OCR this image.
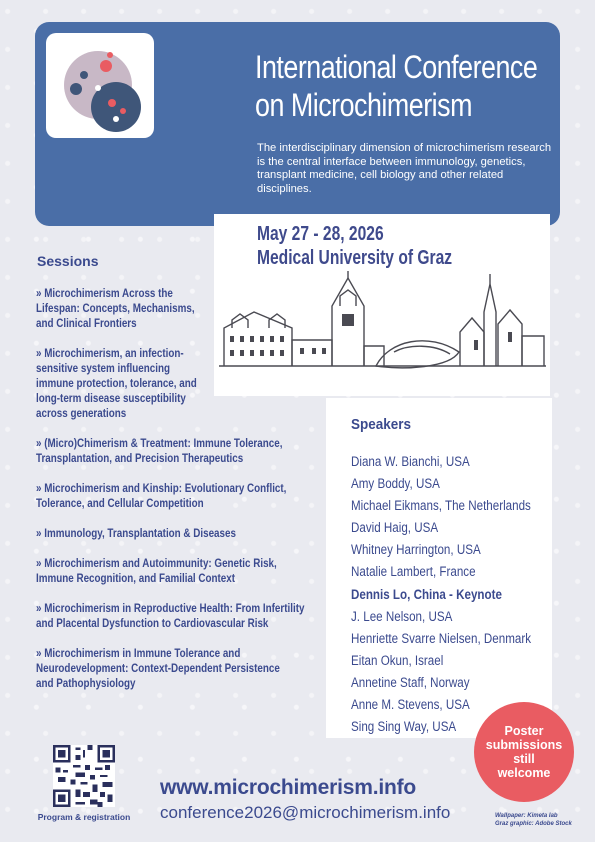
International Conference
on Microchimerism
The interdisciplinary dimension of microchimerism research is the central interface between immunology, genetics, transplant medicine, cell biology and other related disciplines.
May 27 - 28, 2026
Medical University of Graz
Sessions
» Microchimerism Across the Lifespan: Concepts, Mechanisms, and Clinical Frontiers
» Microchimerism, an infection-sensitive system influencing immune protection, tolerance, and long-term disease susceptibility across generations
» (Micro)Chimerism & Treatment: Immune Tolerance, Transplantation, and Precision Therapeutics
» Microchimerism and Kinship: Evolutionary Conflict, Tolerance, and Cellular Competition
» Immunology, Transplantation & Diseases
» Microchimerism and Autoimmunity: Genetic Risk, Immune Recognition, and Familial Context
» Microchimerism in Reproductive Health: From Infertility and Placental Dysfunction to Cardiovascular Risk
» Microchimerism in Immune Tolerance and Neurodevelopment: Context-Dependent Persistence and Pathophysiology
Speakers
Diana W. Bianchi, USA
Amy Boddy, USA
Michael Eikmans, The Netherlands
David Haig, USA
Whitney Harrington, USA
Natalie Lambert, France
Dennis Lo, China - Keynote
J. Lee Nelson, USA
Henriette Svarre Nielsen, Denmark
Eitan Okun, Israel
Annetine Staff, Norway
Anne M. Stevens, USA
Sing Sing Way, USA	Poster
submissions
still
welcome
Program & registration
www.microchimerism.info
conference2026@microchimerism.info	Wallpaper: Kimeta lab
Graz graphic: Adobe Stock
